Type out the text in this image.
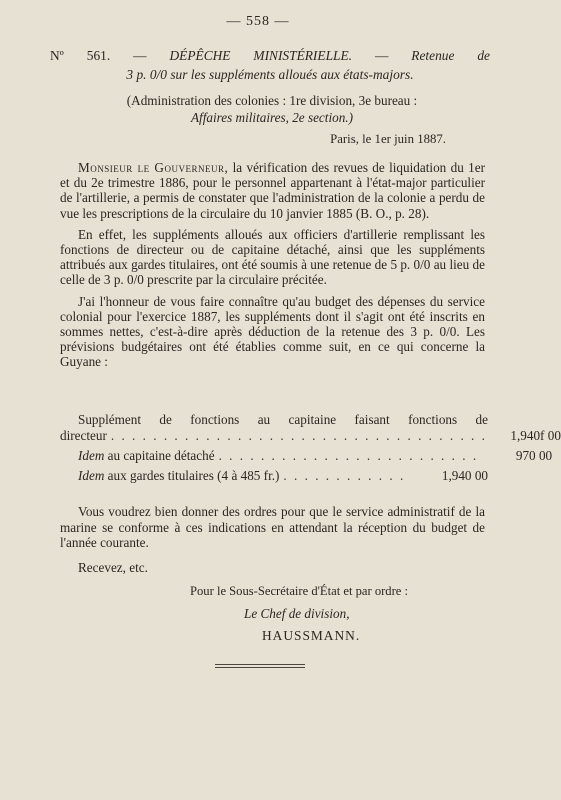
— 558 —
Nº 561. — DÉPÊCHE MINISTÉRIELLE. — Retenue de
3 p. 0/0 sur les suppléments alloués aux états-majors.
(Administration des colonies : 1re division, 3e bureau :
Affaires militaires, 2e section.)
Paris, le 1er juin 1887.

Monsieur le Gouverneur, la vérification des revues de liquidation du 1er et du 2e trimestre 1886, pour le personnel appartenant à l'état-major particulier de l'artillerie, a permis de constater que l'administration de la colonie a perdu de vue les prescriptions de la circulaire du 10 janvier 1885 (B. O., p. 28).

En effet, les suppléments alloués aux officiers d'artillerie remplissant les fonctions de directeur ou de capitaine détaché, ainsi que les suppléments attribués aux gardes titulaires, ont été soumis à une retenue de 5 p. 0/0 au lieu de celle de 3 p. 0/0 prescrite par la circulaire précitée.

J'ai l'honneur de vous faire connaître qu'au budget des dépenses du service colonial pour l'exercice 1887, les suppléments dont il s'agit ont été inscrits en sommes nettes, c'est-à-dire après déduction de la retenue des 3 p. 0/0. Les prévisions budgétaires ont été établies comme suit, en ce qui concerne la Guyane :

Supplément de fonctions au capitaine faisant fonctions de
directeur . . . . . . . . . . . . . . . . . . . . . . . . . . . . . . . . . . . .	1,940f 00
Idem au capitaine détaché . . . . . . . . . . . . . . . . . . . . . . . . .	970 00
Idem aux gardes titulaires (4 à 485 fr.) . . . . . . . . . . . .	1,940 00

Vous voudrez bien donner des ordres pour que le service administratif de la marine se conforme à ces indications en attendant la réception du budget de l'année courante.

Recevez, etc.
Pour le Sous-Secrétaire d'État et par ordre :
Le Chef de division,
HAUSSMANN.
